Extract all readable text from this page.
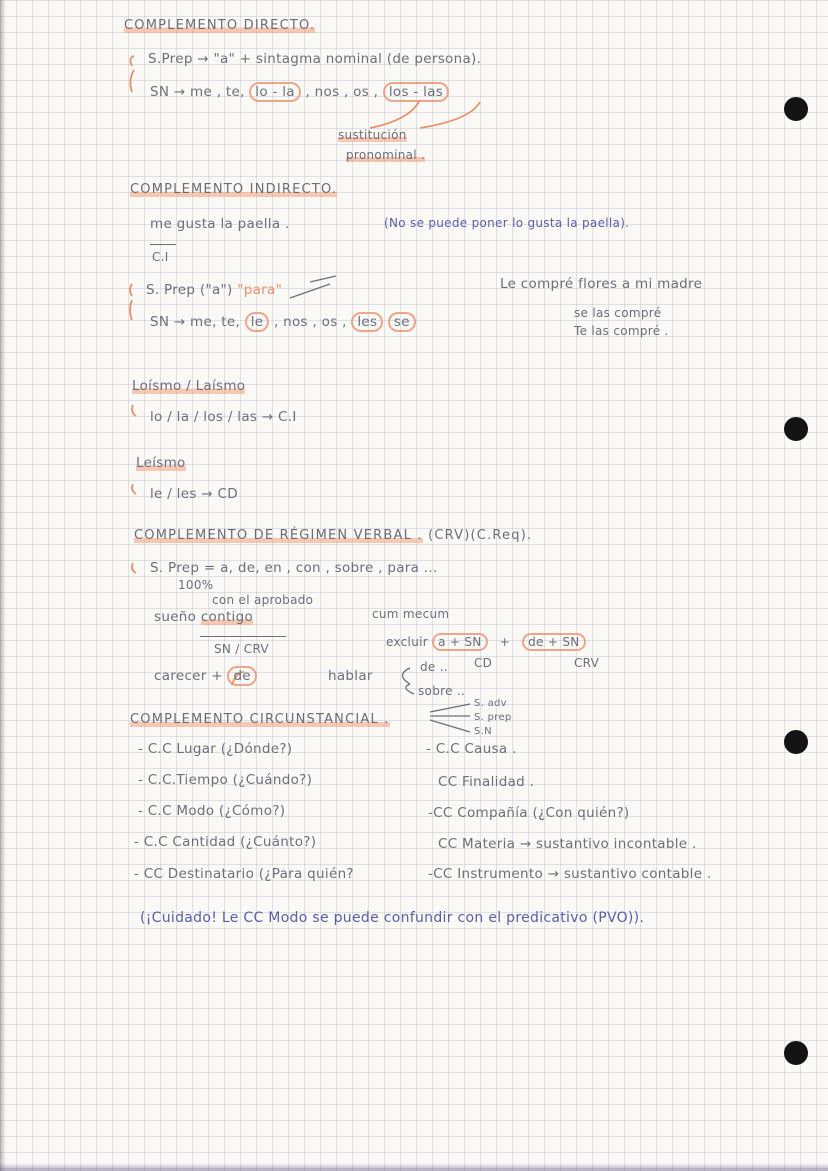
COMPLEMENTO DIRECTO.
S.Prep → "a" + sintagma nominal (de persona).
SN → me , te, lo - la , nos , os , los - las
sustitución
pronominal .
COMPLEMENTO INDIRECTO.
me gusta la paella .	(No se puede poner lo gusta la paella).
C.I
S. Prep ("a") "para"
SN → me, te, le , nos , os , les se
Le compré flores a mi madre
se las compré
Te las compré .
Loísmo / Laísmo
lo / la / los / las → C.I
Leísmo
le / les → CD
COMPLEMENTO DE RÉGIMEN VERBAL . (CRV)(C.Req).
S. Prep = a, de, en , con , sobre , para ...
100%
con el aprobado
sueño contigo
SN / CRV
cum mecum
excluir a + SN + de + SN
CD	CRV
carecer + de	hablar
de ..
sobre ..
COMPLEMENTO CIRCUNSTANCIAL .
S. adv
S. prep
S.N
- C.C Lugar (¿Dónde?)
- C.C.Tiempo (¿Cuándo?)
- C.C Modo (¿Cómo?)
- C.C Cantidad (¿Cuánto?)
- CC Destinatario (¿Para quién?
- C.C Causa .
CC Finalidad .
-CC Compañía (¿Con quién?)
CC Materia → sustantivo incontable .
-CC Instrumento → sustantivo contable .
(¡Cuidado! Le CC Modo se puede confundir con el predicativo (PVO)).
